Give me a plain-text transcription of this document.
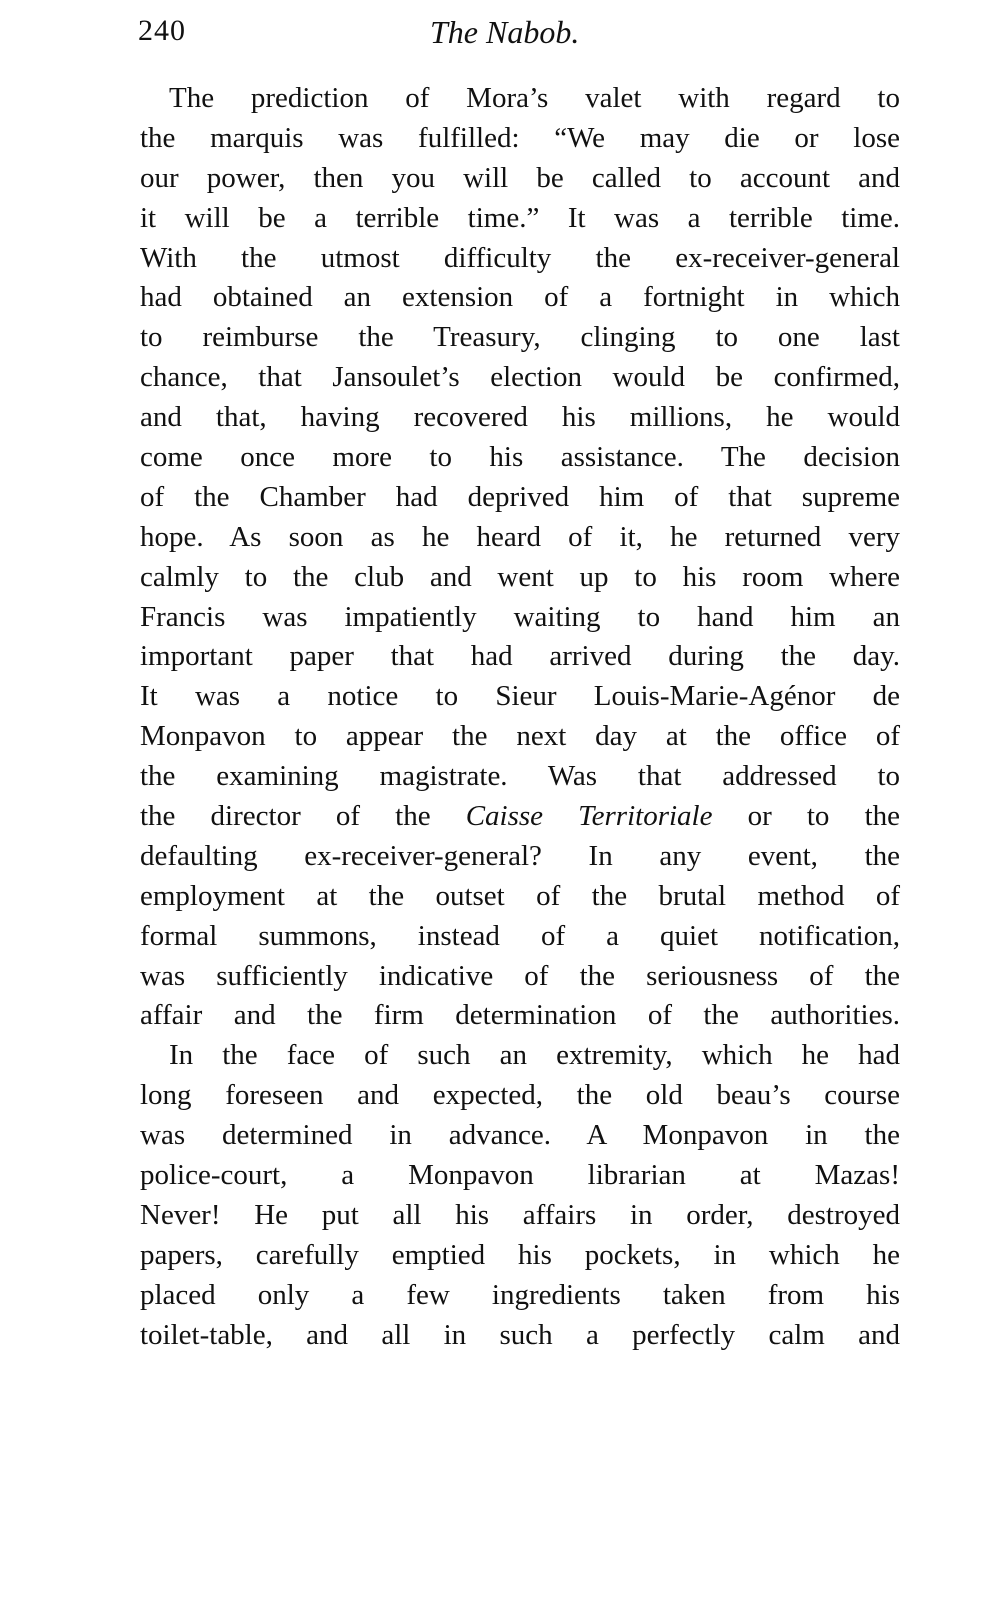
240	The Nabob.
 The prediction of Mora’s valet with regard to
the marquis was fulfilled: “We may die or lose
our power, then you will be called to account and
it will be a terrible time.” It was a terrible time.
With the utmost difficulty the ex-receiver-general
had obtained an extension of a fortnight in which
to reimburse the Treasury, clinging to one last
chance, that Jansoulet’s election would be confirmed,
and that, having recovered his millions, he would
come once more to his assistance. The decision
of the Chamber had deprived him of that supreme
hope. As soon as he heard of it, he returned very
calmly to the club and went up to his room where
Francis was impatiently waiting to hand him an
important paper that had arrived during the day.
It was a notice to Sieur Louis-Marie-Agénor de
Monpavon to appear the next day at the office of
the examining magistrate. Was that addressed to
the director of the Caisse Territoriale or to the
defaulting ex-receiver-general? In any event, the
employment at the outset of the brutal method of
formal summons, instead of a quiet notification,
was sufficiently indicative of the seriousness of the
affair and the firm determination of the authorities.
 In the face of such an extremity, which he had
long foreseen and expected, the old beau’s course
was determined in advance. A Monpavon in the
police-court, a Monpavon librarian at Mazas!
Never! He put all his affairs in order, destroyed
papers, carefully emptied his pockets, in which he
placed only a few ingredients taken from his
toilet-table, and all in such a perfectly calm and
